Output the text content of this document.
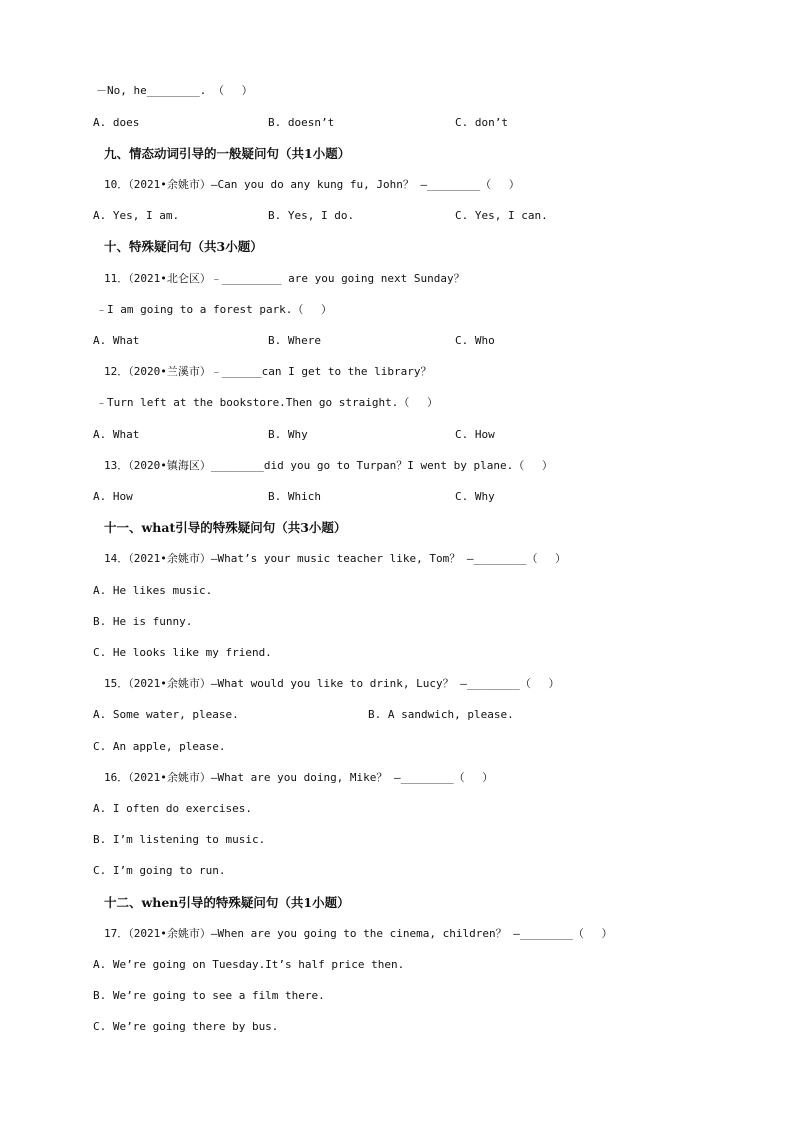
－No, he________. （　 ）
A. does	B. doesn’t	C. don’t
九、情态动词引导的一般疑问句（共1小题）
10．（2021•余姚市）—Can you do any kung fu, John？ —________（　 ）
A. Yes, I am.	B. Yes, I do.	C. Yes, I can.
十、特殊疑问句（共3小题）
11．（2021•北仑区）﹣_________ are you going next Sunday？
﹣I am going to a forest park.（　 ）
A. What	B. Where	C. Who
12．（2020•兰溪市）﹣______can I get to the library？
﹣Turn left at the bookstore.Then go straight.（　 ）
A. What	B. Why	C. How
13．（2020•镇海区）________did you go to Turpan？I went by plane.（　 ）
A. How	B. Which	C. Why
十一、what引导的特殊疑问句（共3小题）
14．（2021•余姚市）—What’s your music teacher like, Tom？ —________（　 ）
A. He likes music.
B. He is funny.
C. He looks like my friend.
15．（2021•余姚市）—What would you like to drink, Lucy？ —________（　 ）
A. Some water, please.	B. A sandwich, please.
C. An apple, please.
16．（2021•余姚市）—What are you doing, Mike？ —________（　 ）
A. I often do exercises.
B. I’m listening to music.
C. I’m going to run.
十二、when引导的特殊疑问句（共1小题）
17．（2021•余姚市）—When are you going to the cinema, children？ —________（　 ）
A. We’re going on Tuesday.It’s half price then.
B. We’re going to see a film there.
C. We’re going there by bus.
